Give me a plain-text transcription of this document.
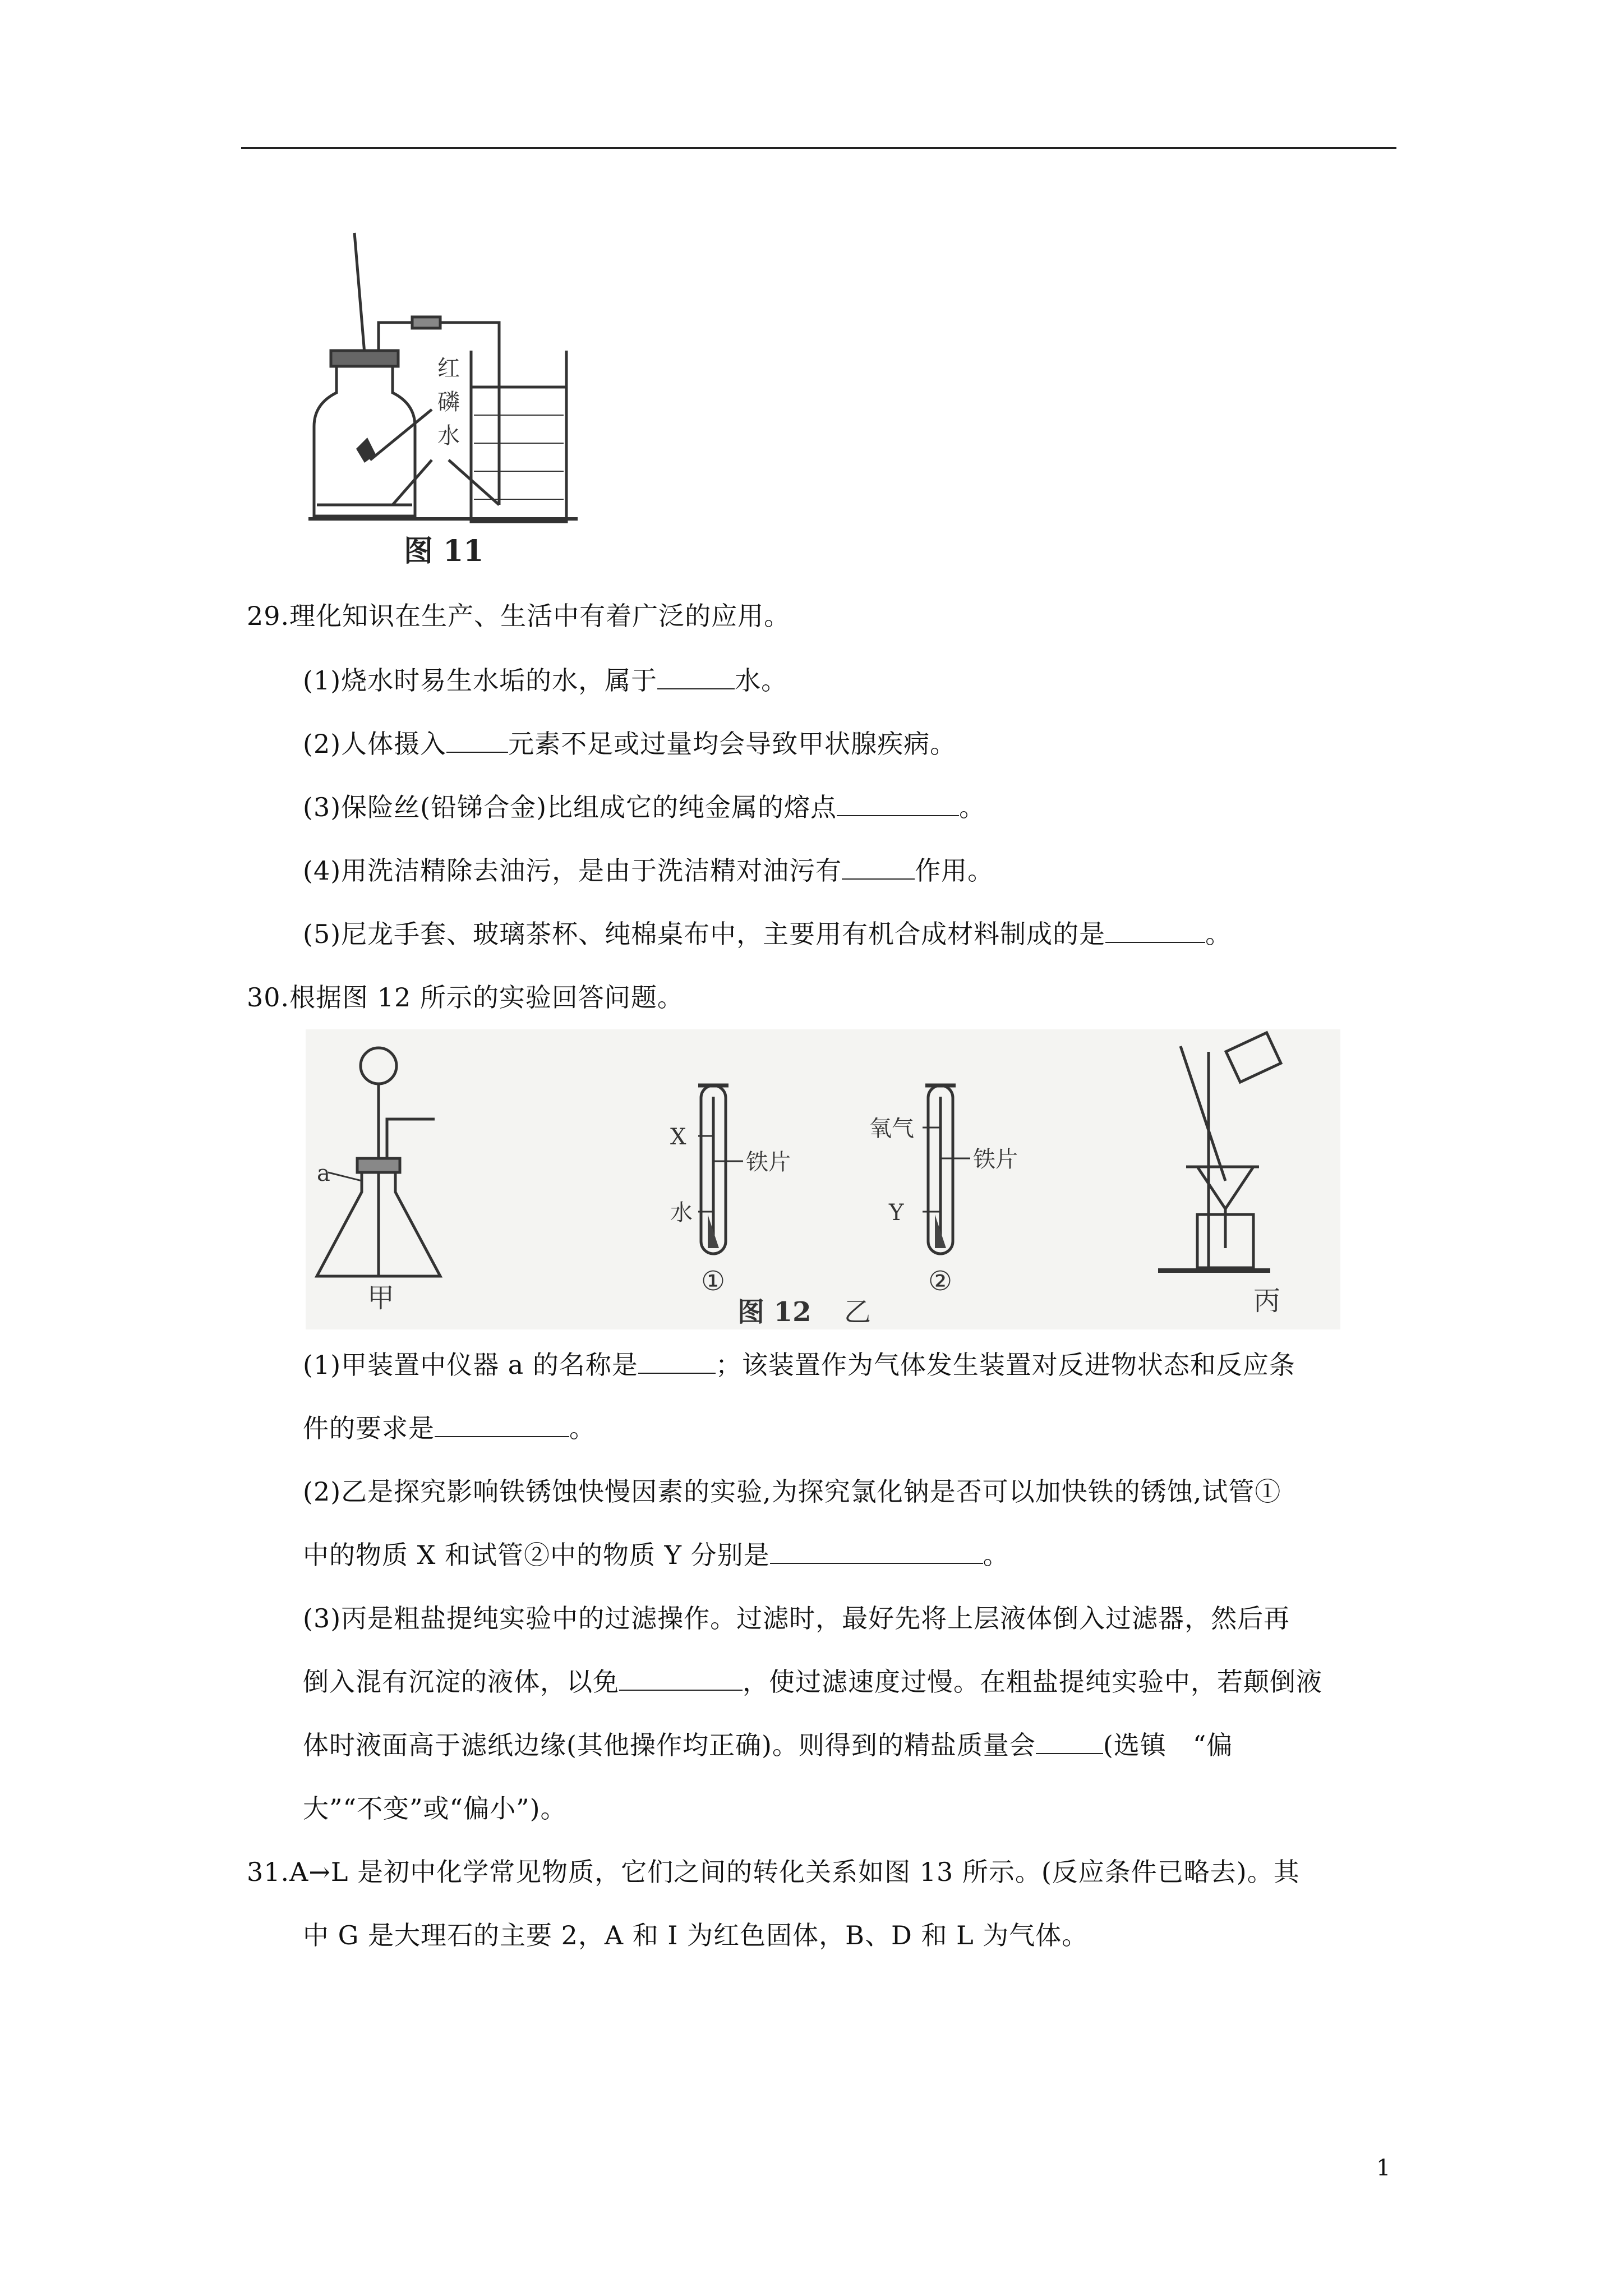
红
磷
水
图 11
29.理化知识在生产、生活中有着广泛的应用。
(1)烧水时易生水垢的水，属于	水。
(2)人体摄入 元素不足或过量均会导致甲状腺疾病。
(3)保险丝(铅锑合金)比组成它的纯金属的熔点	。
(4)用洗洁精除去油污，是由于洗洁精对油污有	作用。
(5)尼龙手套、玻璃茶杯、纯棉桌布中，主要用有机合成材料制成的是	。
30.根据图 12 所示的实验回答问题。
a
X
水
铁片
氧气
Y
铁片
①	②
甲	图 12 乙	丙
(1)甲装置中仪器 a 的名称是	；该装置作为气体发生装置对反进物状态和反应条
件的要求是	。
(2)乙是探究影响铁锈蚀快慢因素的实验,为探究氯化钠是否可以加快铁的锈蚀,试管①
中的物质 X 和试管②中的物质 Y 分别是	。
(3)丙是粗盐提纯实验中的过滤操作。过滤时，最好先将上层液体倒入过滤器，然后再
倒入混有沉淀的液体，以免	，使过滤速度过慢。在粗盐提纯实验中，若颠倒液
体时液面高于滤纸边缘(其他操作均正确)。则得到的精盐质量会	(选镇　“偏
大”“不变”或“偏小”)。
31.A→L 是初中化学常见物质，它们之间的转化关系如图 13 所示。(反应条件已略去)。其
中 G 是大理石的主要 2，A 和 I 为红色固体，B、D 和 L 为气体。
1
